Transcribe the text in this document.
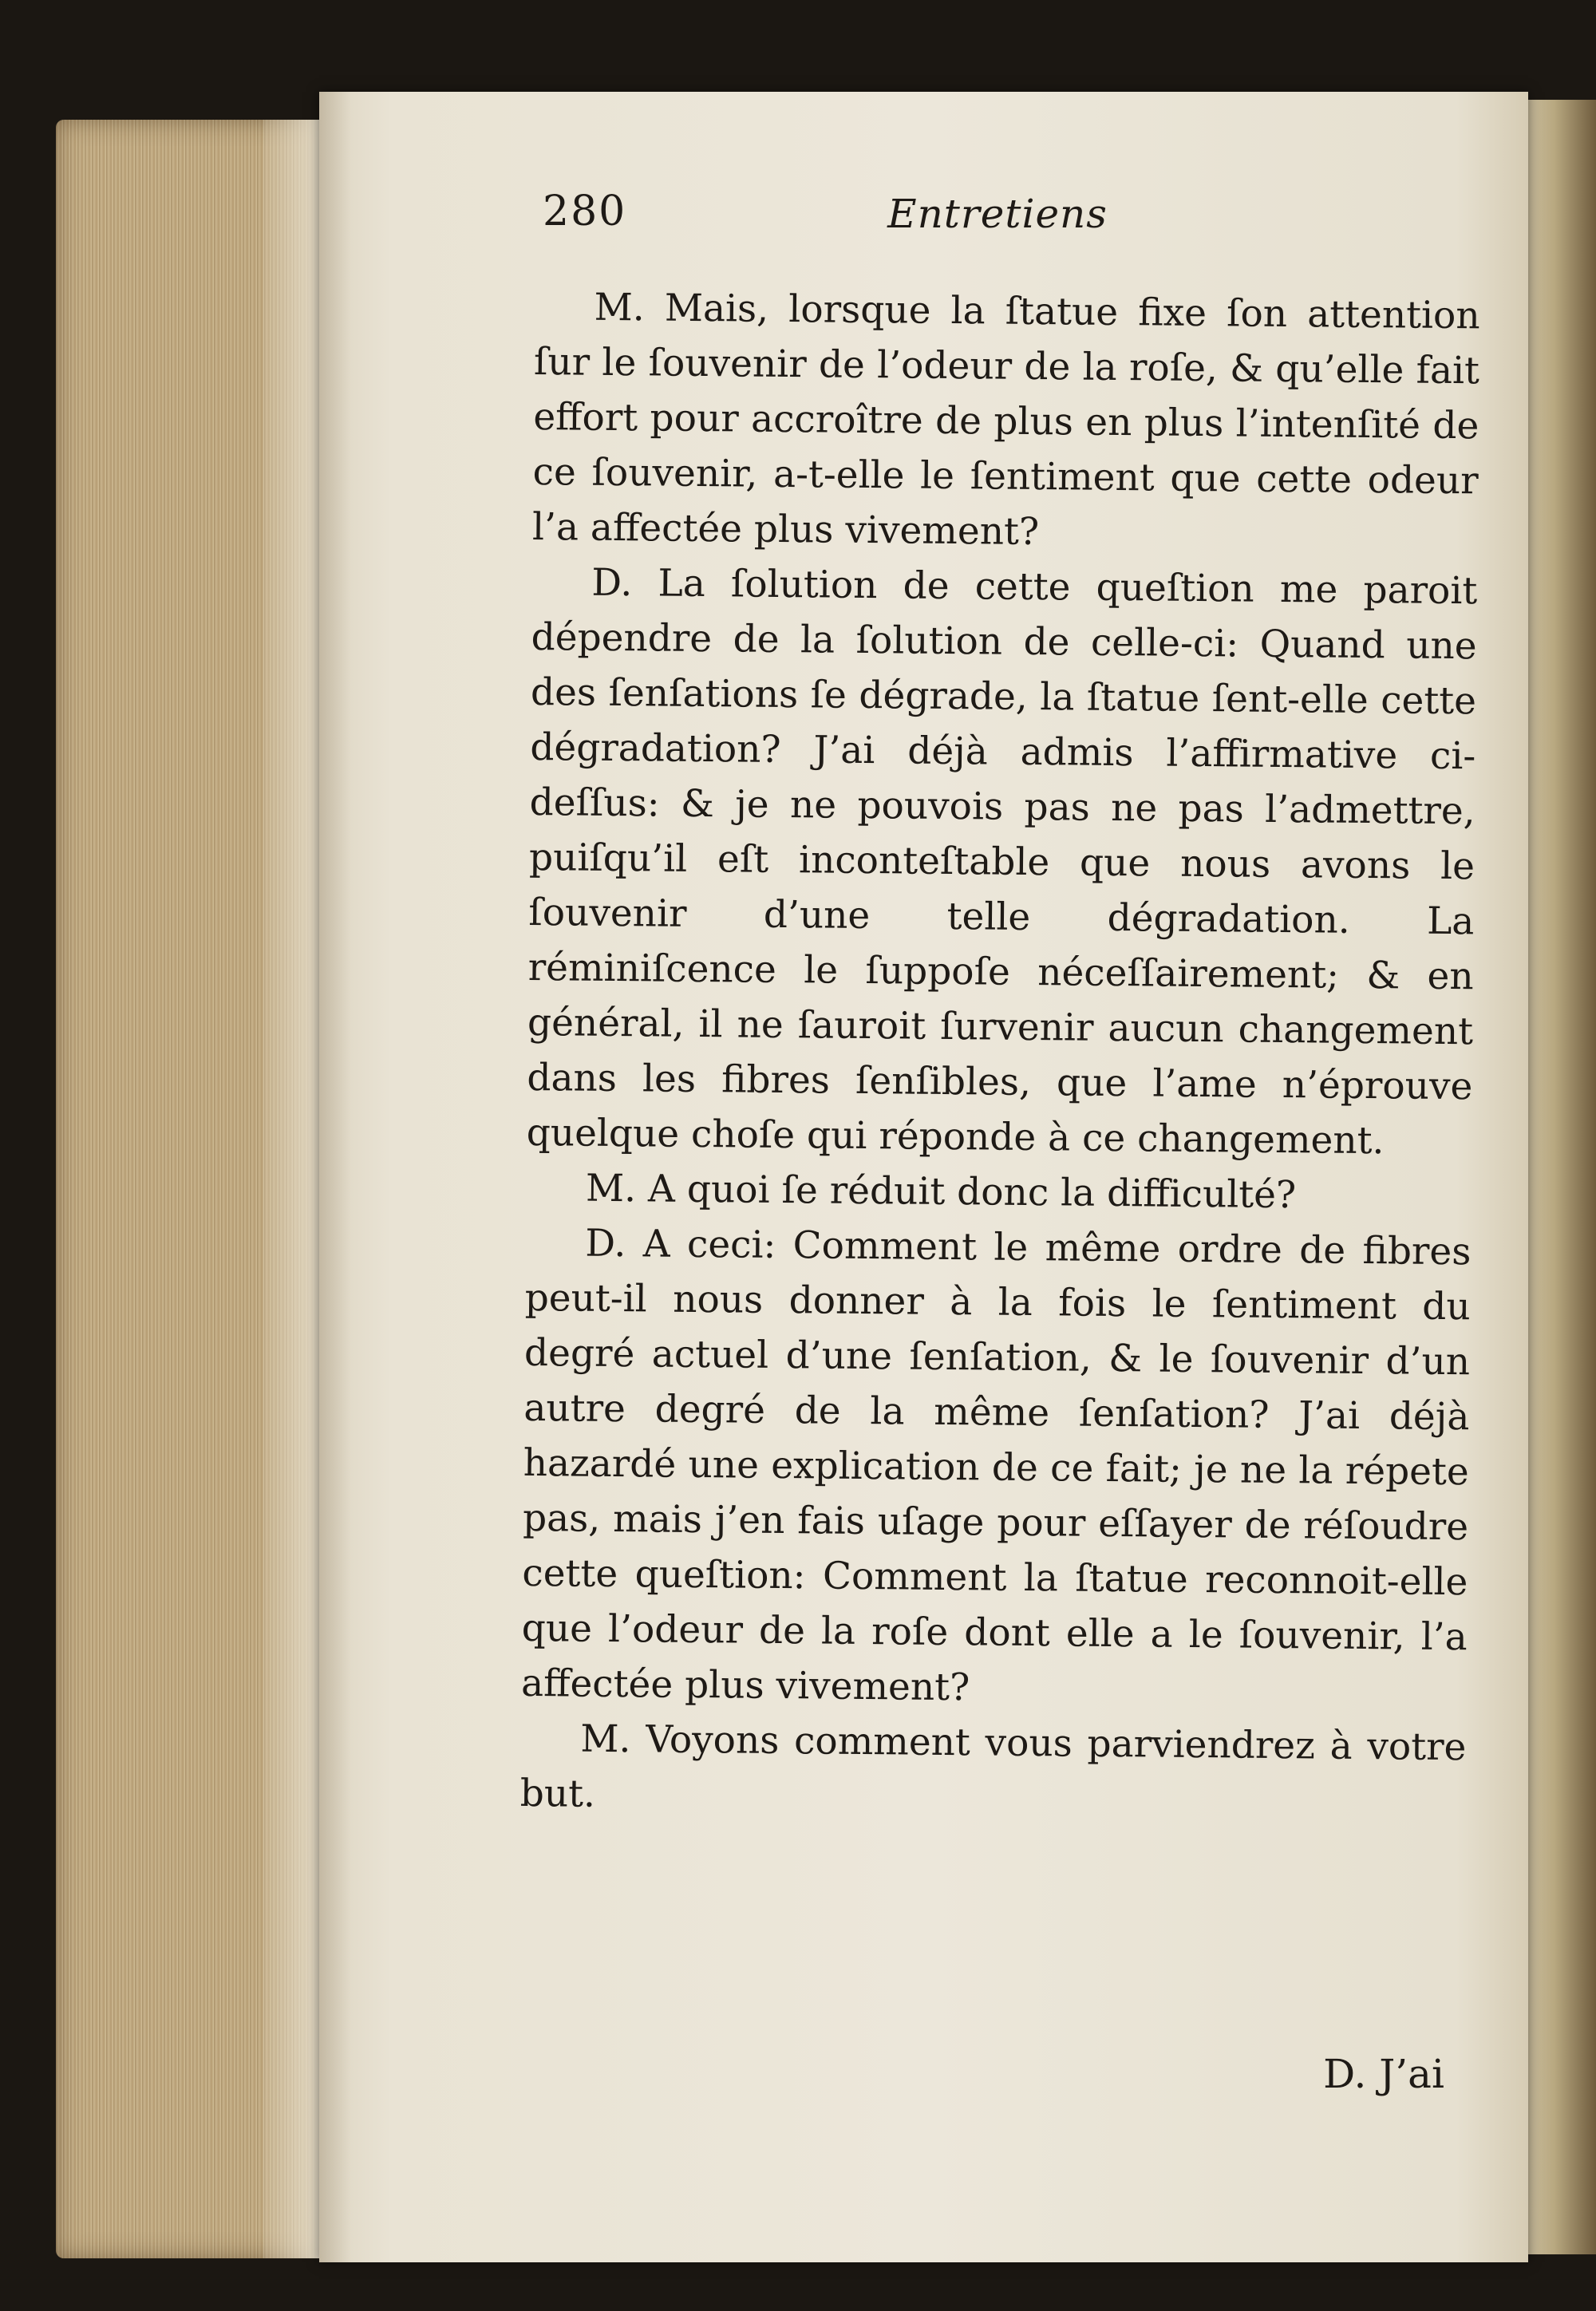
280	Entretiens

M. Mais, lorsque la ſtatue fixe ſon attention ſur le ſouvenir de l’odeur de la roſe, & qu’elle fait effort pour accroître de plus en plus l’intenſité de ce ſouvenir, a-t-elle le ſentiment que cette odeur l’a affectée plus vivement?

D. La ſolution de cette queſtion me paroit dépendre de la ſolution de celle-ci: Quand une des ſenſations ſe dégrade, la ſtatue ſent-elle cette dégradation? J’ai déjà admis l’affirmative ci-deſſus: & je ne pouvois pas ne pas l’admettre, puiſqu’il eſt inconteſtable que nous avons le ſouvenir d’une telle dégradation. La réminiſcence le ſuppoſe néceſſairement; & en général, il ne ſauroit ſurvenir aucun changement dans les fibres ſenſibles, que l’ame n’éprouve quelque choſe qui réponde à ce changement.

M. A quoi ſe réduit donc la difficulté?

D. A ceci: Comment le même ordre de fibres peut-il nous donner à la fois le ſentiment du degré actuel d’une ſenſation, & le ſouvenir d’un autre degré de la même ſenſation? J’ai déjà hazardé une explication de ce fait; je ne la répete pas, mais j’en fais uſage pour eſſayer de réſoudre cette queſtion: Comment la ſtatue reconnoit-elle que l’odeur de la roſe dont elle a le ſouvenir, l’a affectée plus vivement?

M. Voyons comment vous parviendrez à votre but.

D. J’ai
